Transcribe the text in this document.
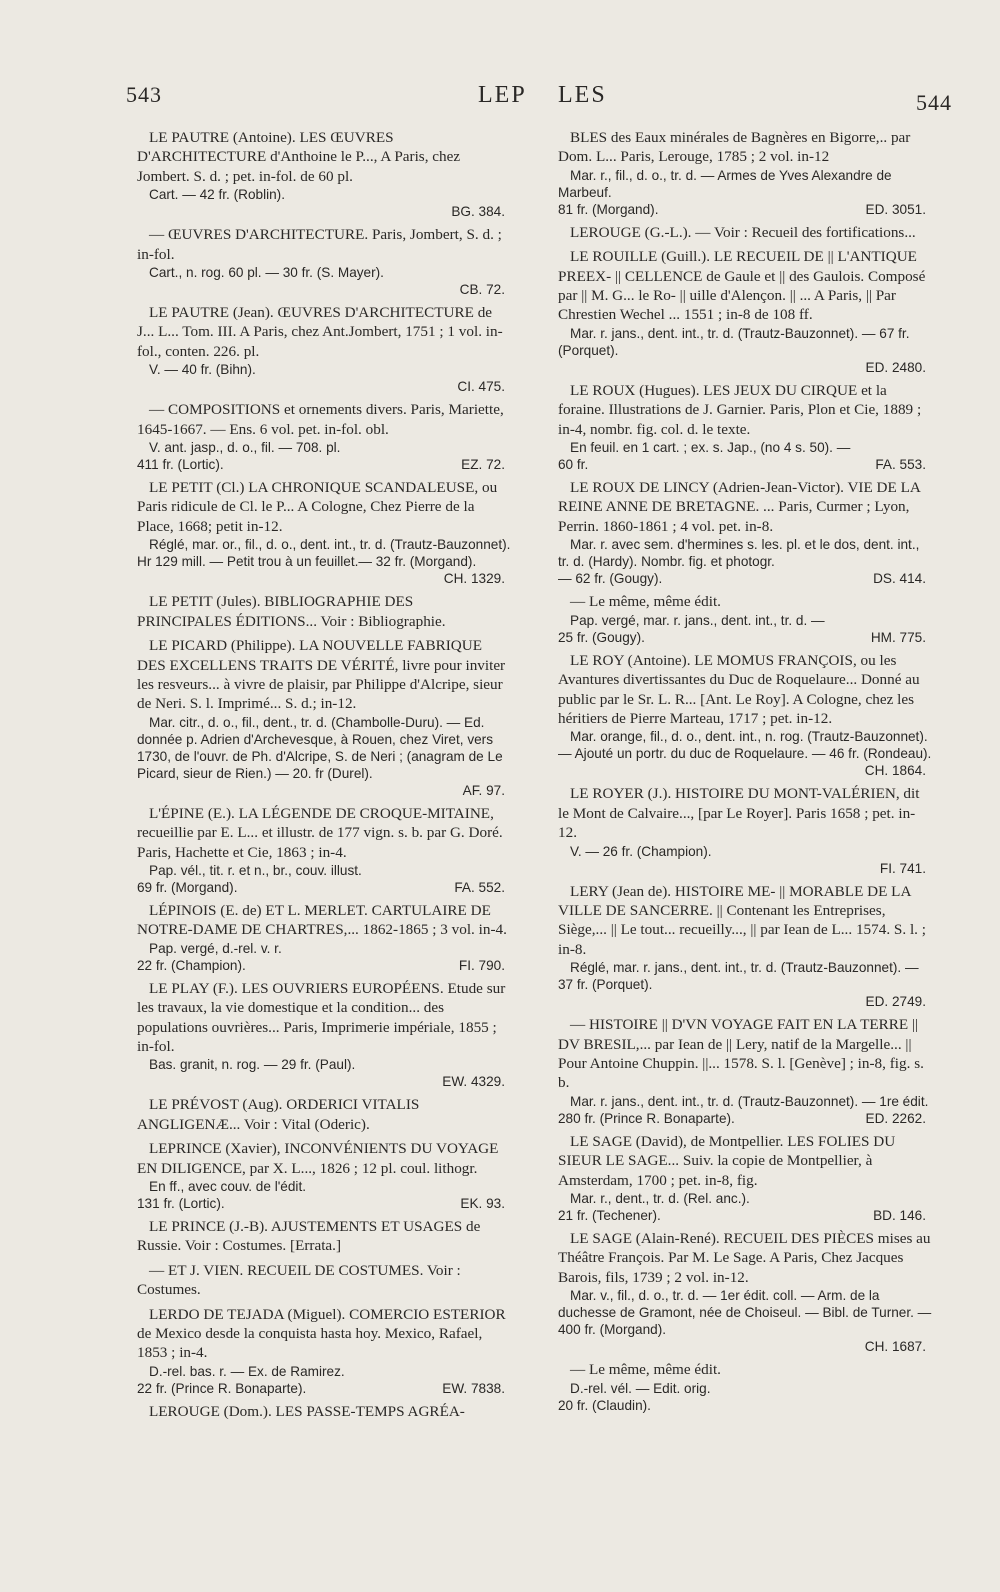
543	LEP LES	544
LE PAUTRE (Antoine). LES ŒUVRES D'ARCHITECTURE d'Anthoine le P..., A Paris, chez Jombert. S. d. ; pet. in-fol. de 60 pl.
Cart. — 42 fr. (Roblin).
BG. 384.
— ŒUVRES D'ARCHITECTURE. Paris, Jombert, S. d. ; in-fol.
Cart., n. rog. 60 pl. — 30 fr. (S. Mayer).
CB. 72.
LE PAUTRE (Jean). ŒUVRES D'ARCHITECTURE de J... L... Tom. III. A Paris, chez Ant.Jombert, 1751 ; 1 vol. in-fol., conten. 226. pl.
V. — 40 fr. (Bihn).
CI. 475.
— COMPOSITIONS et ornements divers. Paris, Mariette, 1645-1667. — Ens. 6 vol. pet. in-fol. obl.
V. ant. jasp., d. o., fil. — 708. pl.
411 fr. (Lortic).	EZ. 72.
LE PETIT (Cl.) LA CHRONIQUE SCANDALEUSE, ou Paris ridicule de Cl. le P... A Cologne, Chez Pierre de la Place, 1668; petit in-12.
Réglé, mar. or., fil., d. o., dent. int., tr. d. (Trautz-Bauzonnet). Hr 129 mill. — Petit trou à un feuillet.— 32 fr. (Morgand).
CH. 1329.
LE PETIT (Jules). BIBLIOGRAPHIE DES PRINCIPALES ÉDITIONS... Voir : Bibliographie.
LE PICARD (Philippe). LA NOUVELLE FABRIQUE DES EXCELLENS TRAITS DE VÉRITÉ, livre pour inviter les resveurs... à vivre de plaisir, par Philippe d'Alcripe, sieur de Neri. S. l. Imprimé... S. d.; in-12.
Mar. citr., d. o., fil., dent., tr. d. (Chambolle-Duru). — Ed. donnée p. Adrien d'Archevesque, à Rouen, chez Viret, vers 1730, de l'ouvr. de Ph. d'Alcripe, S. de Neri ; (anagram de Le Picard, sieur de Rien.) — 20. fr (Durel).
AF. 97.
L'ÉPINE (E.). LA LÉGENDE DE CROQUE-MITAINE, recueillie par E. L... et illustr. de 177 vign. s. b. par G. Doré. Paris, Hachette et Cie, 1863 ; in-4.
Pap. vél., tit. r. et n., br., couv. illust.
69 fr. (Morgand).	FA. 552.
LÉPINOIS (E. de) ET L. MERLET. CARTULAIRE DE NOTRE-DAME DE CHARTRES,... 1862-1865 ; 3 vol. in-4.
Pap. vergé, d.-rel. v. r.
22 fr. (Champion).	FI. 790.
LE PLAY (F.). LES OUVRIERS EUROPÉENS. Etude sur les travaux, la vie domestique et la condition... des populations ouvrières... Paris, Imprimerie impériale, 1855 ; in-fol.
Bas. granit, n. rog. — 29 fr. (Paul).
EW. 4329.
LE PRÉVOST (Aug). ORDERICI VITALIS ANGLIGENÆ... Voir : Vital (Oderic).
LEPRINCE (Xavier), INCONVÉNIENTS DU VOYAGE EN DILIGENCE, par X. L..., 1826 ; 12 pl. coul. lithogr.
En ff., avec couv. de l'édit.
131 fr. (Lortic).	EK. 93.
LE PRINCE (J.-B). AJUSTEMENTS ET USAGES de Russie. Voir : Costumes. [Errata.]
— ET J. VIEN. RECUEIL DE COSTUMES. Voir : Costumes.
LERDO DE TEJADA (Miguel). COMERCIO ESTERIOR de Mexico desde la conquista hasta hoy. Mexico, Rafael, 1853 ; in-4.
D.-rel. bas. r. — Ex. de Ramirez.
22 fr. (Prince R. Bonaparte).	EW. 7838.
LEROUGE (Dom.). LES PASSE-TEMPS AGRÉA-
BLES des Eaux minérales de Bagnères en Bigorre,.. par Dom. L... Paris, Lerouge, 1785 ; 2 vol. in-12
Mar. r., fil., d. o., tr. d. — Armes de Yves Alexandre de Marbeuf.
81 fr. (Morgand).	ED. 3051.
LEROUGE (G.-L.). — Voir : Recueil des fortifications...
LE ROUILLE (Guill.). LE RECUEIL DE || L'ANTIQUE PREEX- || CELLENCE de Gaule et || des Gaulois. Composé par || M. G... le Ro- || uille d'Alençon. || ... A Paris, || Par Chrestien Wechel ... 1551 ; in-8 de 108 ff.
Mar. r. jans., dent. int., tr. d. (Trautz-Bauzonnet). — 67 fr. (Porquet).
ED. 2480.
LE ROUX (Hugues). LES JEUX DU CIRQUE et la foraine. Illustrations de J. Garnier. Paris, Plon et Cie, 1889 ; in-4, nombr. fig. col. d. le texte.
En feuil. en 1 cart. ; ex. s. Jap., (no 4 s. 50). —
60 fr.	FA. 553.
LE ROUX DE LINCY (Adrien-Jean-Victor). VIE DE LA REINE ANNE DE BRETAGNE. ... Paris, Curmer ; Lyon, Perrin. 1860-1861 ; 4 vol. pet. in-8.
Mar. r. avec sem. d'hermines s. les. pl. et le dos, dent. int., tr. d. (Hardy). Nombr. fig. et photogr.
— 62 fr. (Gougy).	DS. 414.
— Le même, même édit.
Pap. vergé, mar. r. jans., dent. int., tr. d. —
25 fr. (Gougy).	HM. 775.
LE ROY (Antoine). LE MOMUS FRANÇOIS, ou les Avantures divertissantes du Duc de Roquelaure... Donné au public par le Sr. L. R... [Ant. Le Roy]. A Cologne, chez les héritiers de Pierre Marteau, 1717 ; pet. in-12.
Mar. orange, fil., d. o., dent. int., n. rog. (Trautz-Bauzonnet). — Ajouté un portr. du duc de Roquelaure. — 46 fr. (Rondeau).
CH. 1864.
LE ROYER (J.). HISTOIRE DU MONT-VALÉRIEN, dit le Mont de Calvaire..., [par Le Royer]. Paris 1658 ; pet. in-12.
V. — 26 fr. (Champion).
FI. 741.
LERY (Jean de). HISTOIRE ME- || MORABLE DE LA VILLE DE SANCERRE. || Contenant les Entreprises, Siège,... || Le tout... recueilly..., || par Iean de L... 1574. S. l. ; in-8.
Réglé, mar. r. jans., dent. int., tr. d. (Trautz-Bauzonnet). — 37 fr. (Porquet).
ED. 2749.
— HISTOIRE || D'VN VOYAGE FAIT EN LA TERRE || DV BRESIL,... par Iean de || Lery, natif de la Margelle... || Pour Antoine Chuppin. ||... 1578. S. l. [Genève] ; in-8, fig. s. b.
Mar. r. jans., dent. int., tr. d. (Trautz-Bauzonnet). — 1re édit.
280 fr. (Prince R. Bonaparte).	ED. 2262.
LE SAGE (David), de Montpellier. LES FOLIES DU SIEUR LE SAGE... Suiv. la copie de Montpellier, à Amsterdam, 1700 ; pet. in-8, fig.
Mar. r., dent., tr. d. (Rel. anc.).
21 fr. (Techener).	BD. 146.
LE SAGE (Alain-René). RECUEIL DES PIÈCES mises au Théâtre François. Par M. Le Sage. A Paris, Chez Jacques Barois, fils, 1739 ; 2 vol. in-12.
Mar. v., fil., d. o., tr. d. — 1er édit. coll. — Arm. de la duchesse de Gramont, née de Choiseul. — Bibl. de Turner. — 400 fr. (Morgand).
CH. 1687.
— Le même, même édit.
D.-rel. vél. — Edit. orig.
20 fr. (Claudin).
